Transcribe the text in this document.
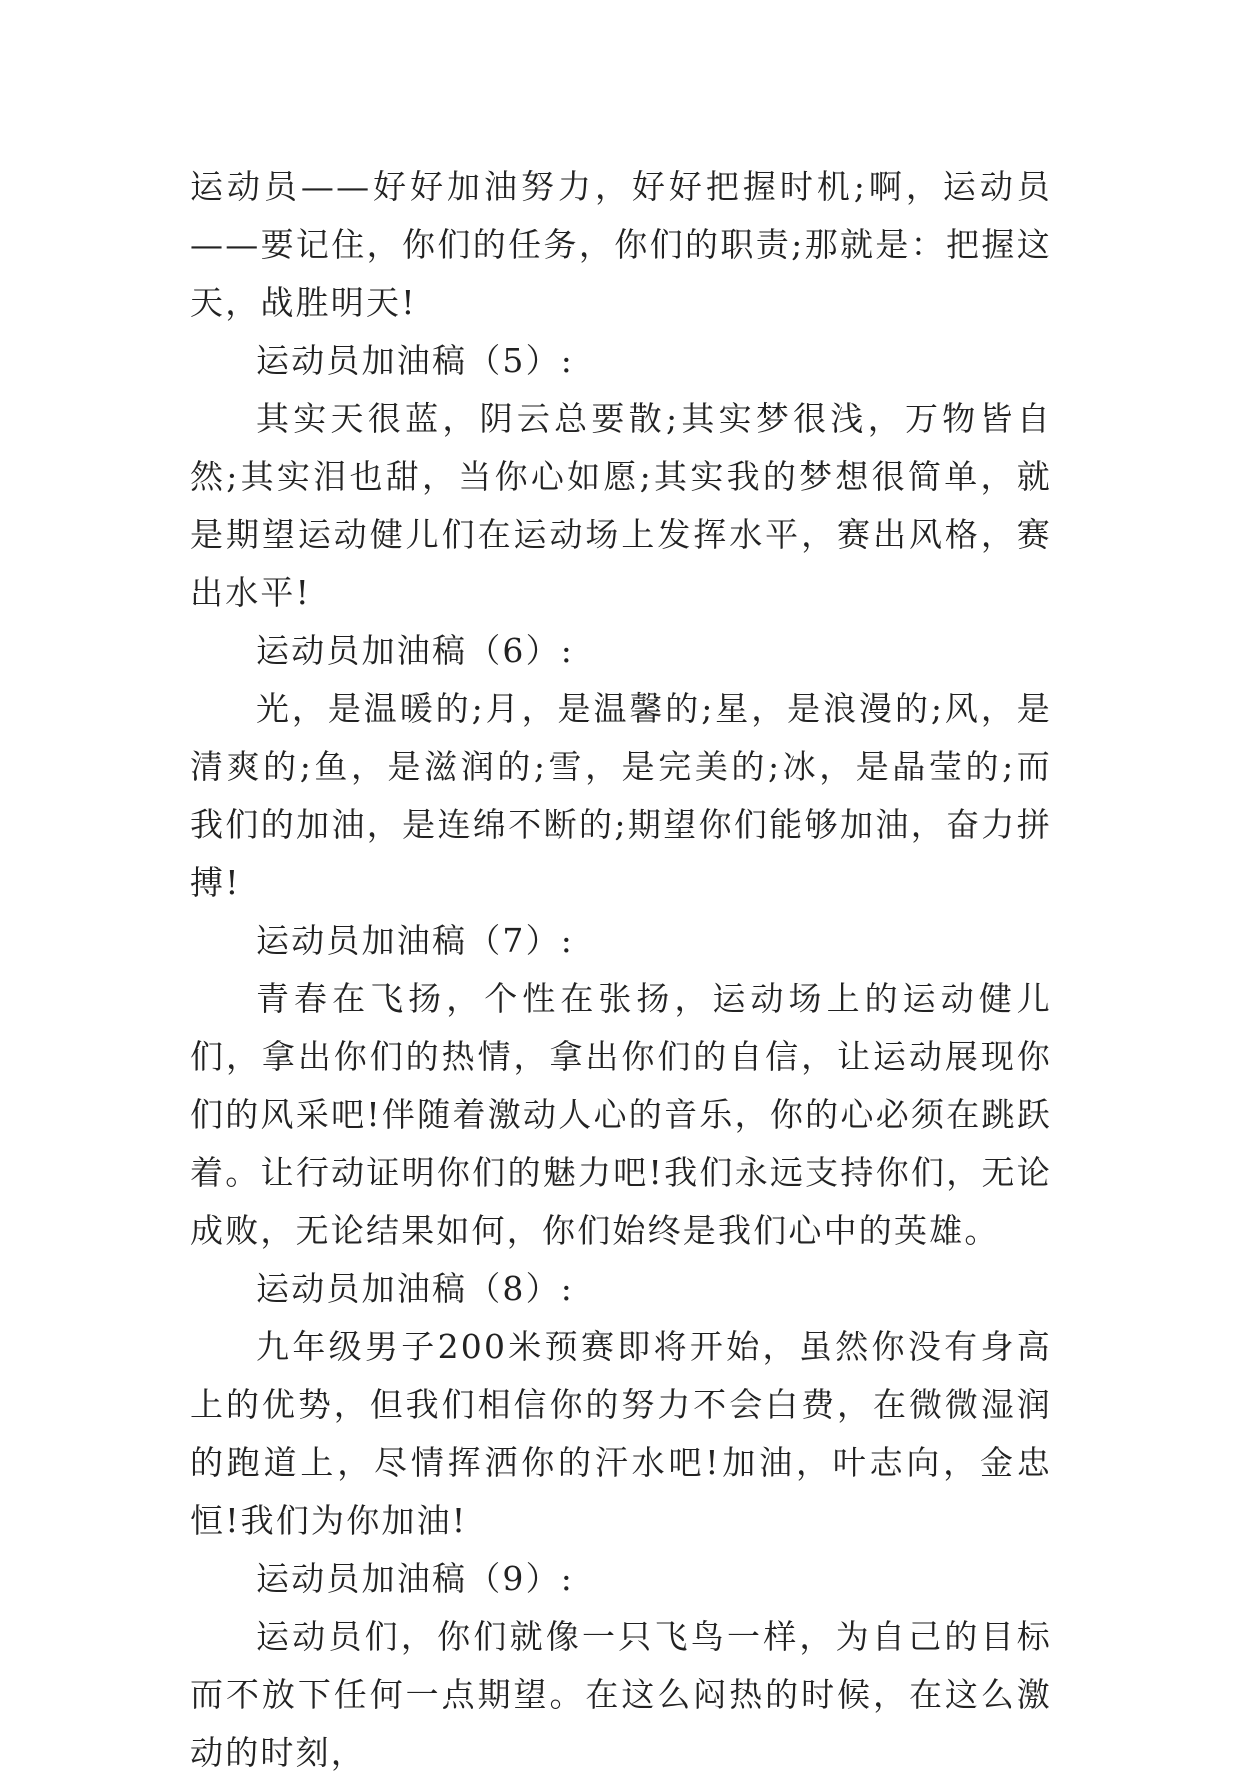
运动员——好好加油努力，好好把握时机;啊，运动员——要记住，你们的任务，你们的职责;那就是：把握这天，战胜明天!

运动员加油稿（5）:

其实天很蓝，阴云总要散;其实梦很浅，万物皆自然;其实泪也甜，当你心如愿;其实我的梦想很简单，就是期望运动健儿们在运动场上发挥水平，赛出风格，赛出水平!

运动员加油稿（6）:

光，是温暖的;月，是温馨的;星，是浪漫的;风，是清爽的;鱼，是滋润的;雪，是完美的;冰，是晶莹的;而我们的加油，是连绵不断的;期望你们能够加油，奋力拼搏!

运动员加油稿（7）:

青春在飞扬，个性在张扬，运动场上的运动健儿们，拿出你们的热情，拿出你们的自信，让运动展现你们的风采吧!伴随着激动人心的音乐，你的心必须在跳跃着。让行动证明你们的魅力吧!我们永远支持你们，无论成败，无论结果如何，你们始终是我们心中的英雄。

运动员加油稿（8）:

九年级男子200米预赛即将开始，虽然你没有身高上的优势，但我们相信你的努力不会白费，在微微湿润的跑道上，尽情挥洒你的汗水吧!加油，叶志向，金忠恒!我们为你加油!

运动员加油稿（9）:

运动员们，你们就像一只飞鸟一样，为自己的目标而不放下任何一点期望。在这么闷热的时候，在这么激动的时刻，
